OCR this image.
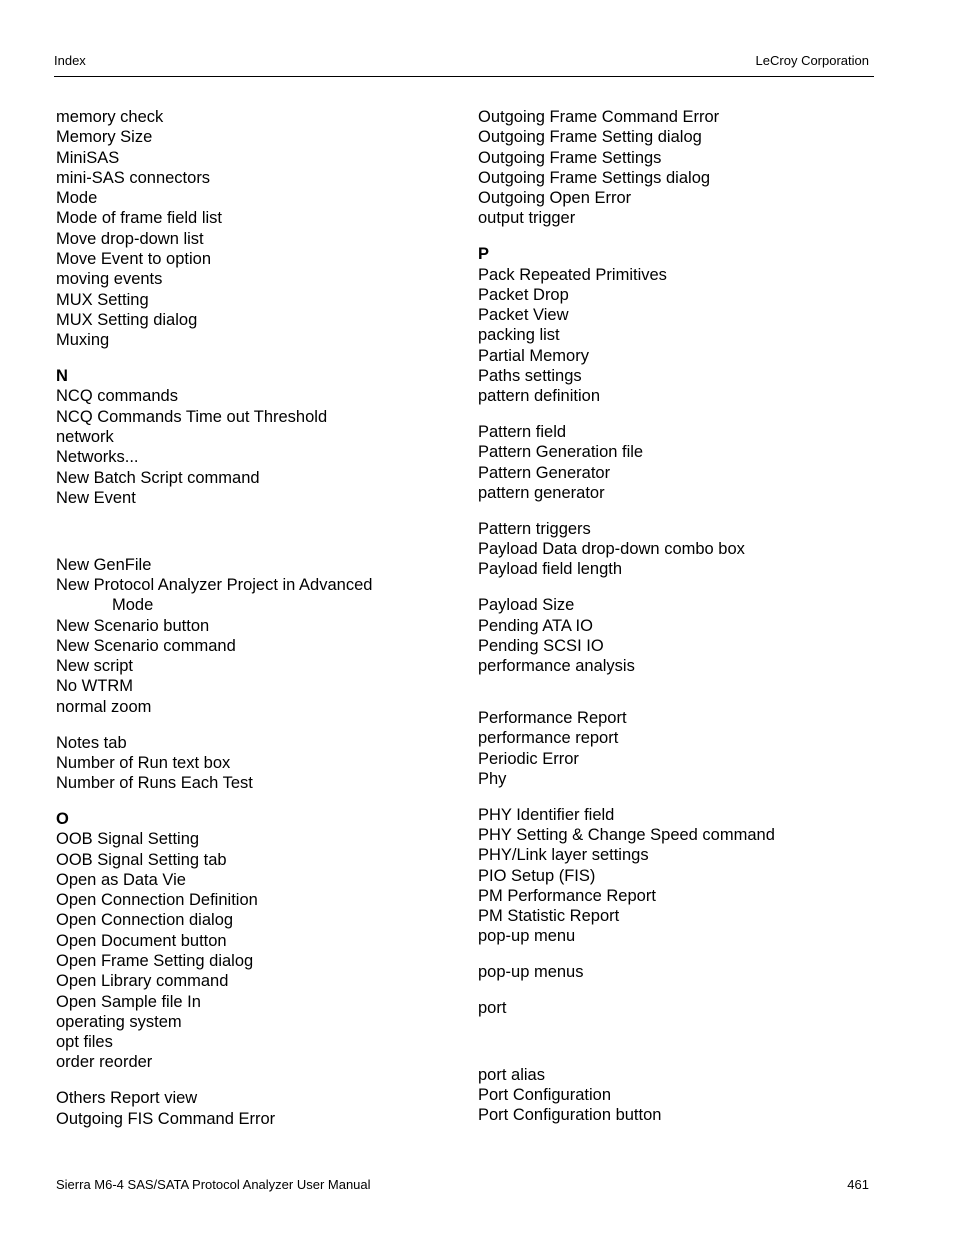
Index	LeCroy Corporation
memory check
Memory Size
MiniSAS
mini-SAS connectors
Mode
Mode of frame field list
Move drop-down list
Move Event to option
moving events
MUX Setting
MUX Setting dialog
Muxing
N
NCQ commands
NCQ Commands Time out Threshold
network
Networks...
New Batch Script command
New Event
New GenFile
New Protocol Analyzer Project in Advanced
Mode
New Scenario button
New Scenario command
New script
No WTRM
normal zoom
Notes tab
Number of Run text box
Number of Runs Each Test
O
OOB Signal Setting
OOB Signal Setting tab
Open as Data Vie
Open Connection Definition
Open Connection dialog
Open Document button
Open Frame Setting dialog
Open Library command
Open Sample file In
operating system
opt files
order reorder
Others Report view
Outgoing FIS Command Error
Outgoing Frame Command Error
Outgoing Frame Setting dialog
Outgoing Frame Settings
Outgoing Frame Settings dialog
Outgoing Open Error
output trigger
P
Pack Repeated Primitives
Packet Drop
Packet View
packing list
Partial Memory
Paths settings
pattern definition
Pattern field
Pattern Generation file
Pattern Generator
pattern generator
Pattern triggers
Payload Data drop-down combo box
Payload field length
Payload Size
Pending ATA IO
Pending SCSI IO
performance analysis
Performance Report
performance report
Periodic Error
Phy
PHY Identifier field
PHY Setting & Change Speed command
PHY/Link layer settings
PIO Setup (FIS)
PM Performance Report
PM Statistic Report
pop-up menu
pop-up menus
port
port alias
Port Configuration
Port Configuration button
Sierra M6-4 SAS/SATA Protocol Analyzer User Manual	461
